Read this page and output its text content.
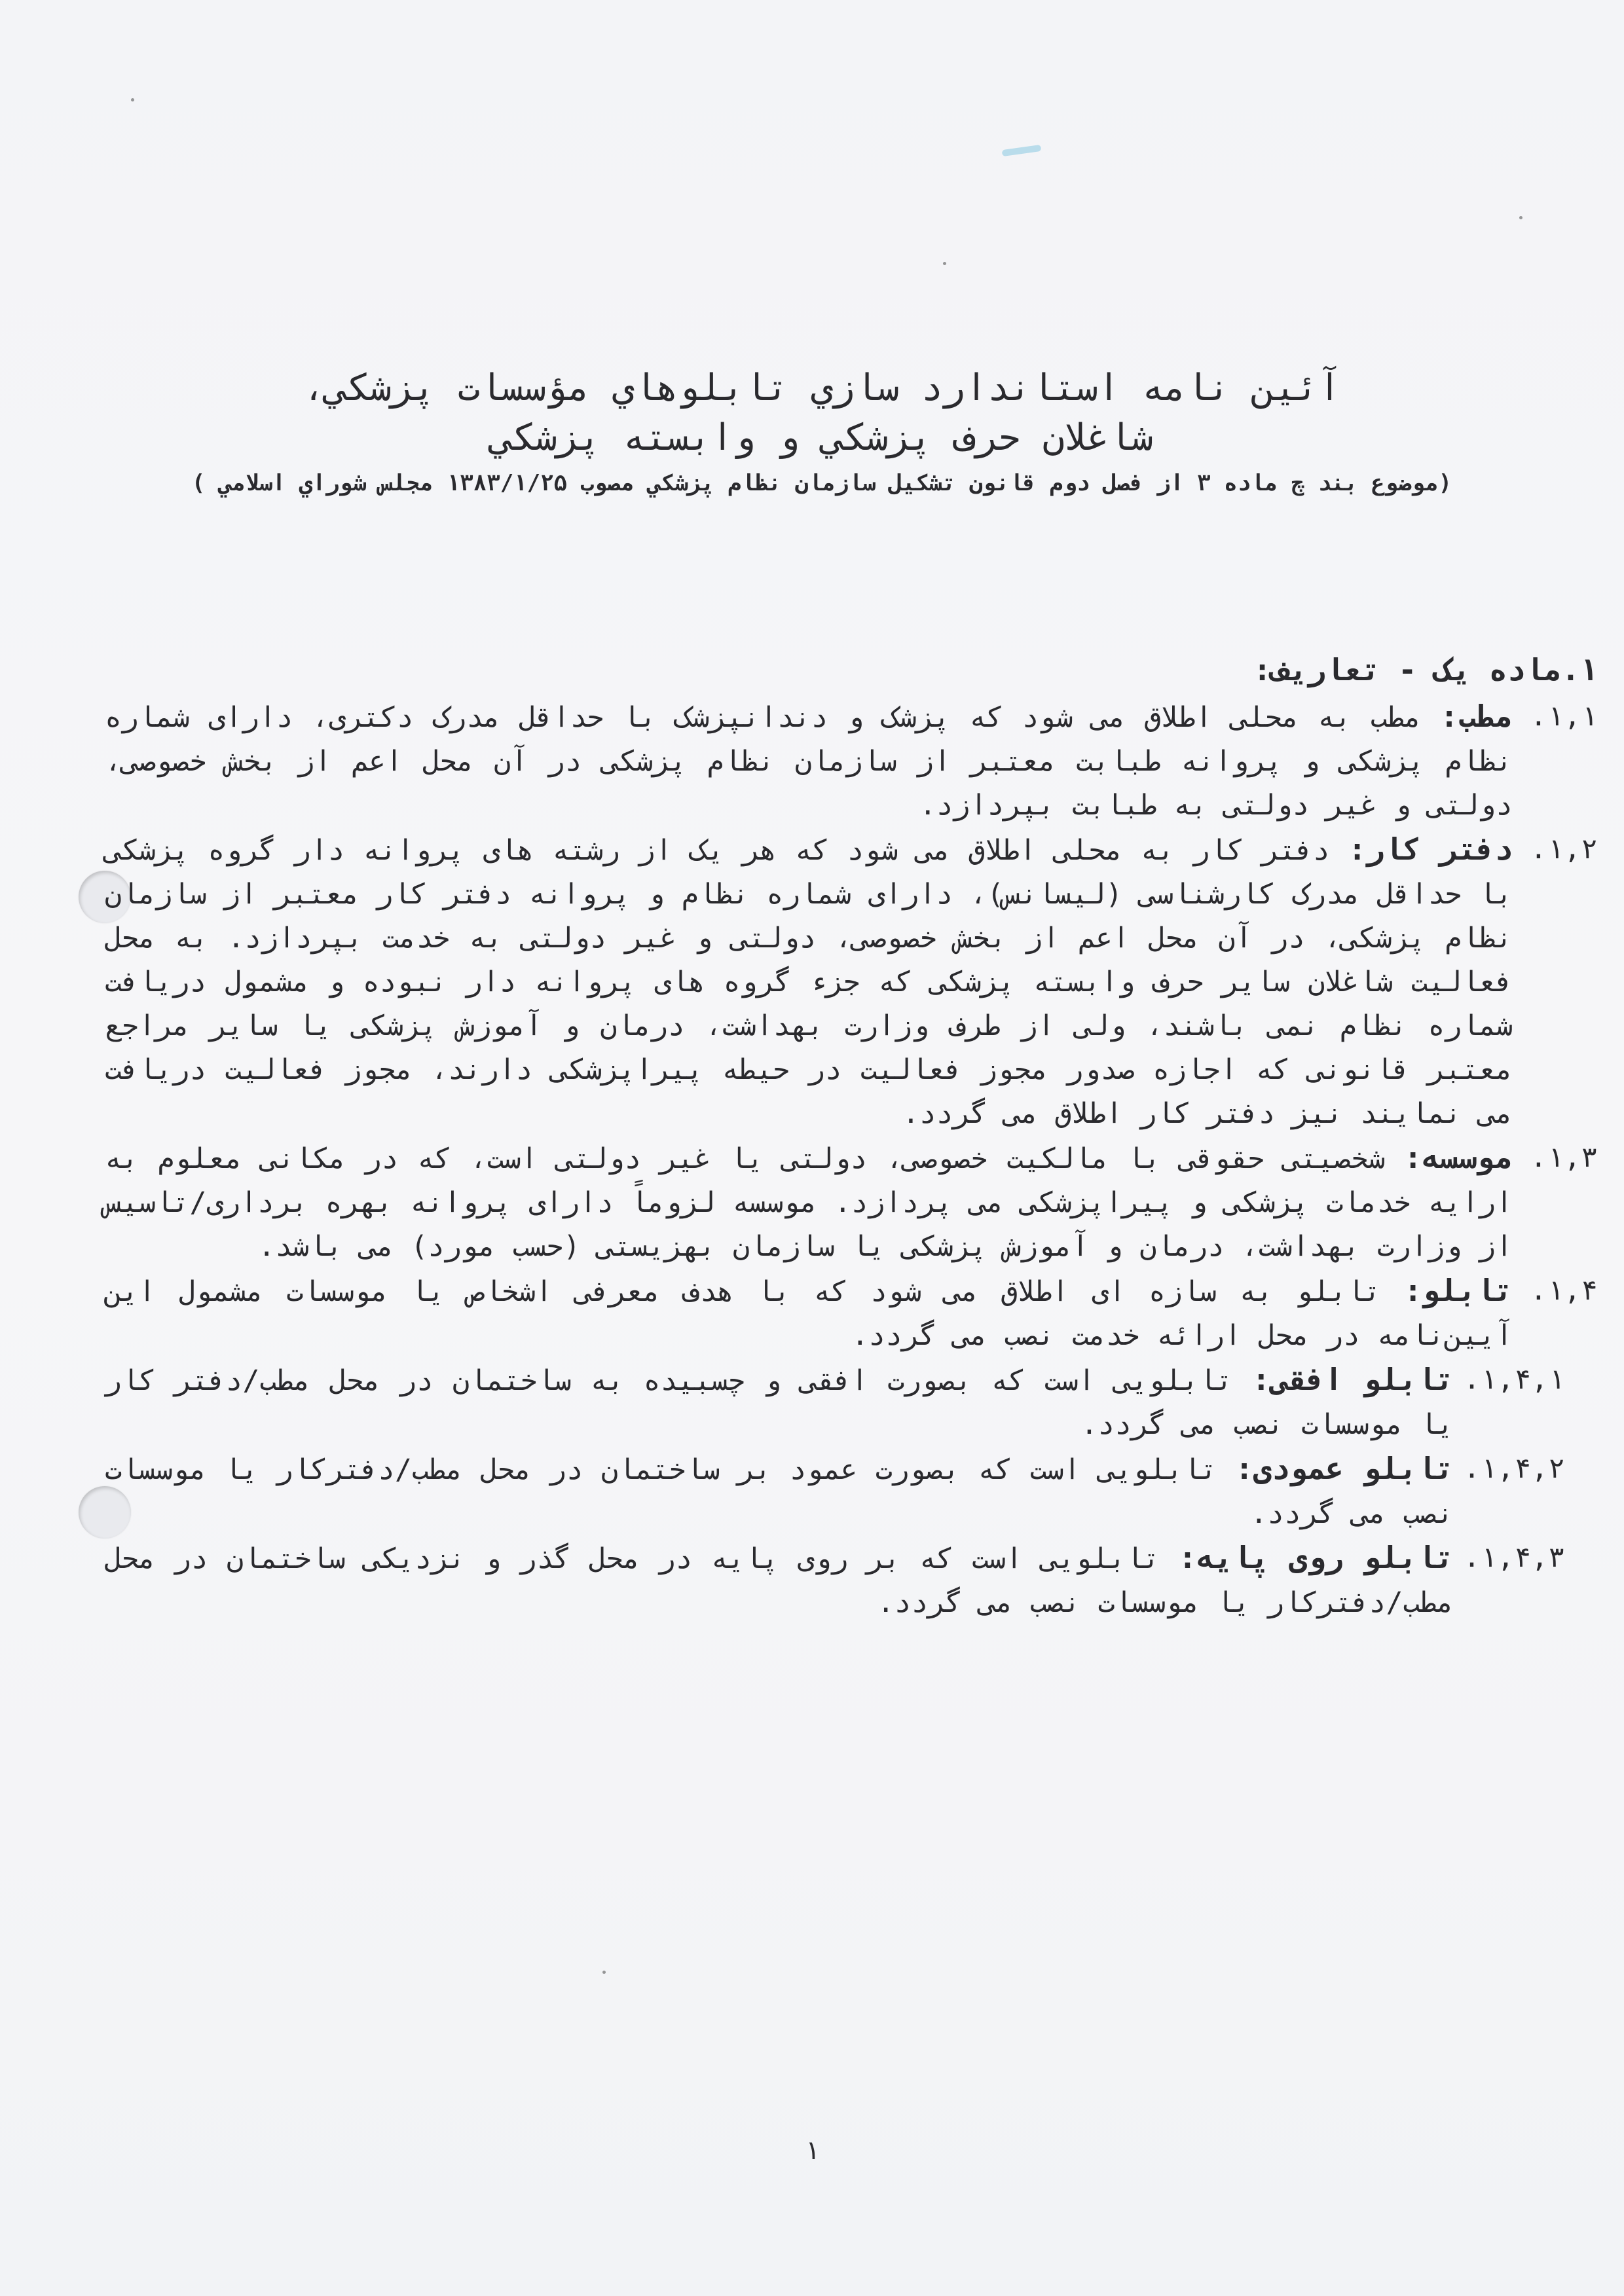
آئین نامه استاندارد سازي تابلوهاي مؤسسات پزشكي،

شاغلان حرف پزشكي و وابسته پزشكي

(موضوع بند چ ماده ۳ از فصل دوم قانون تشكيل سازمان نظام پزشكي مصوب ۱۳۸۳/۱/۲۵ مجلس شوراي اسلامي )

۱.ماده یک - تعاریف:

۱,۱.
مطب: مطب به محلی اطلاق می شود که پزشک و دندانپزشک با حداقل مدرک دکتری، دارای شماره نظام پزشکی و پروانه طبابت معتبر از سازمان نظام پزشکی در آن محل اعم از بخش خصوصی، دولتی و غیر دولتی به طبابت بپردازد.
۱,۲.
دفتر کار: دفتر کار به محلی اطلاق می شود که هر یک از رشته های پروانه دار گروه پزشکی با حداقل مدرک کارشناسی (لیسانس)، دارای شماره نظام و پروانه دفتر کار معتبر از سازمان نظام پزشکی، در آن محل اعم از بخش خصوصی، دولتی و غیر دولتی به خدمت بپردازد. به محل فعالیت شاغلان سایر حرف وابسته پزشکی که جزء گروه های پروانه دار نبوده و مشمول دریافت شماره نظام نمی باشند، ولی از طرف وزارت بهداشت، درمان و آموزش پزشکی یا سایر مراجع معتبر قانونی که اجازه صدور مجوز فعالیت در حیطه پیراپزشکی دارند، مجوز فعالیت دریافت می نمایند نیز دفتر کار اطلاق می گردد.
۱,۳.
موسسه: شخصیتی حقوقی با مالکیت خصوصی، دولتی یا غیر دولتی است، که در مکانی معلوم به ارایه خدمات پزشکی و پیراپزشکی می پردازد. موسسه لزوماً دارای پروانه بهره برداری/تاسیس از وزارت بهداشت، درمان و آموزش پزشکی یا سازمان بهزیستی (حسب مورد) می باشد.
۱,۴.
تابلو: تابلو به سازه ای اطلاق می شود که با هدف معرفی اشخاص یا موسسات مشمول این آیین‌نامه در محل ارائه خدمت نصب می گردد.
۱,۴,۱.
تابلو افقی: تابلویی است که بصورت افقی و چسبیده به ساختمان در محل مطب/دفتر کار یا موسسات نصب می گردد.
۱,۴,۲.
تابلو عمودی: تابلویی است که بصورت عمود بر ساختمان در محل مطب/دفترکار یا موسسات نصب می گردد.
۱,۴,۳.
تابلو روی پایه: تابلویی است که بر روی پایه در محل گذر و نزدیکی ساختمان در محل مطب/دفترکار یا موسسات نصب می گردد.
۱
